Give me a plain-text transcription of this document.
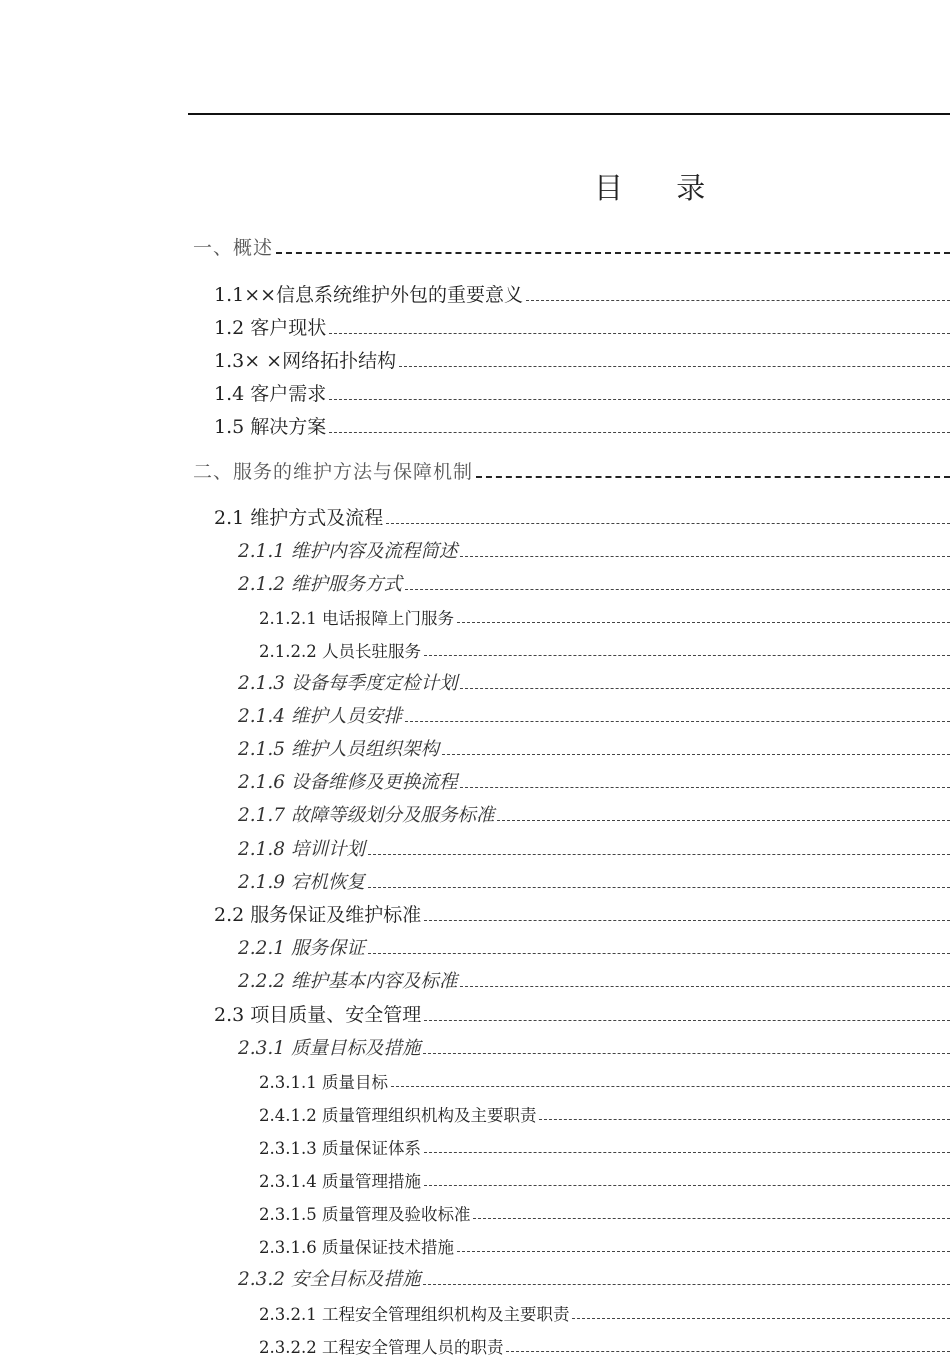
目 录
一、概述
1.1××信息系统维护外包的重要意义
1.2 客户现状
1.3× ×网络拓扑结构
1.4 客户需求
1.5 解决方案
二、服务的维护方法与保障机制
2.1 维护方式及流程
2.1.1 维护内容及流程简述
2.1.2 维护服务方式
2.1.2.1 电话报障上门服务
2.1.2.2 人员长驻服务
2.1.3 设备每季度定检计划
2.1.4 维护人员安排
2.1.5 维护人员组织架构
2.1.6 设备维修及更换流程
2.1.7 故障等级划分及服务标准
2.1.8 培训计划
2.1.9 宕机恢复
2.2 服务保证及维护标准
2.2.1 服务保证
2.2.2 维护基本内容及标准
2.3 项目质量、安全管理
2.3.1 质量目标及措施
2.3.1.1 质量目标
2.4.1.2 质量管理组织机构及主要职责
2.3.1.3 质量保证体系
2.3.1.4 质量管理措施
2.3.1.5 质量管理及验收标准
2.3.1.6 质量保证技术措施
2.3.2 安全目标及措施
2.3.2.1 工程安全管理组织机构及主要职责
2.3.2.2 工程安全管理人员的职责
